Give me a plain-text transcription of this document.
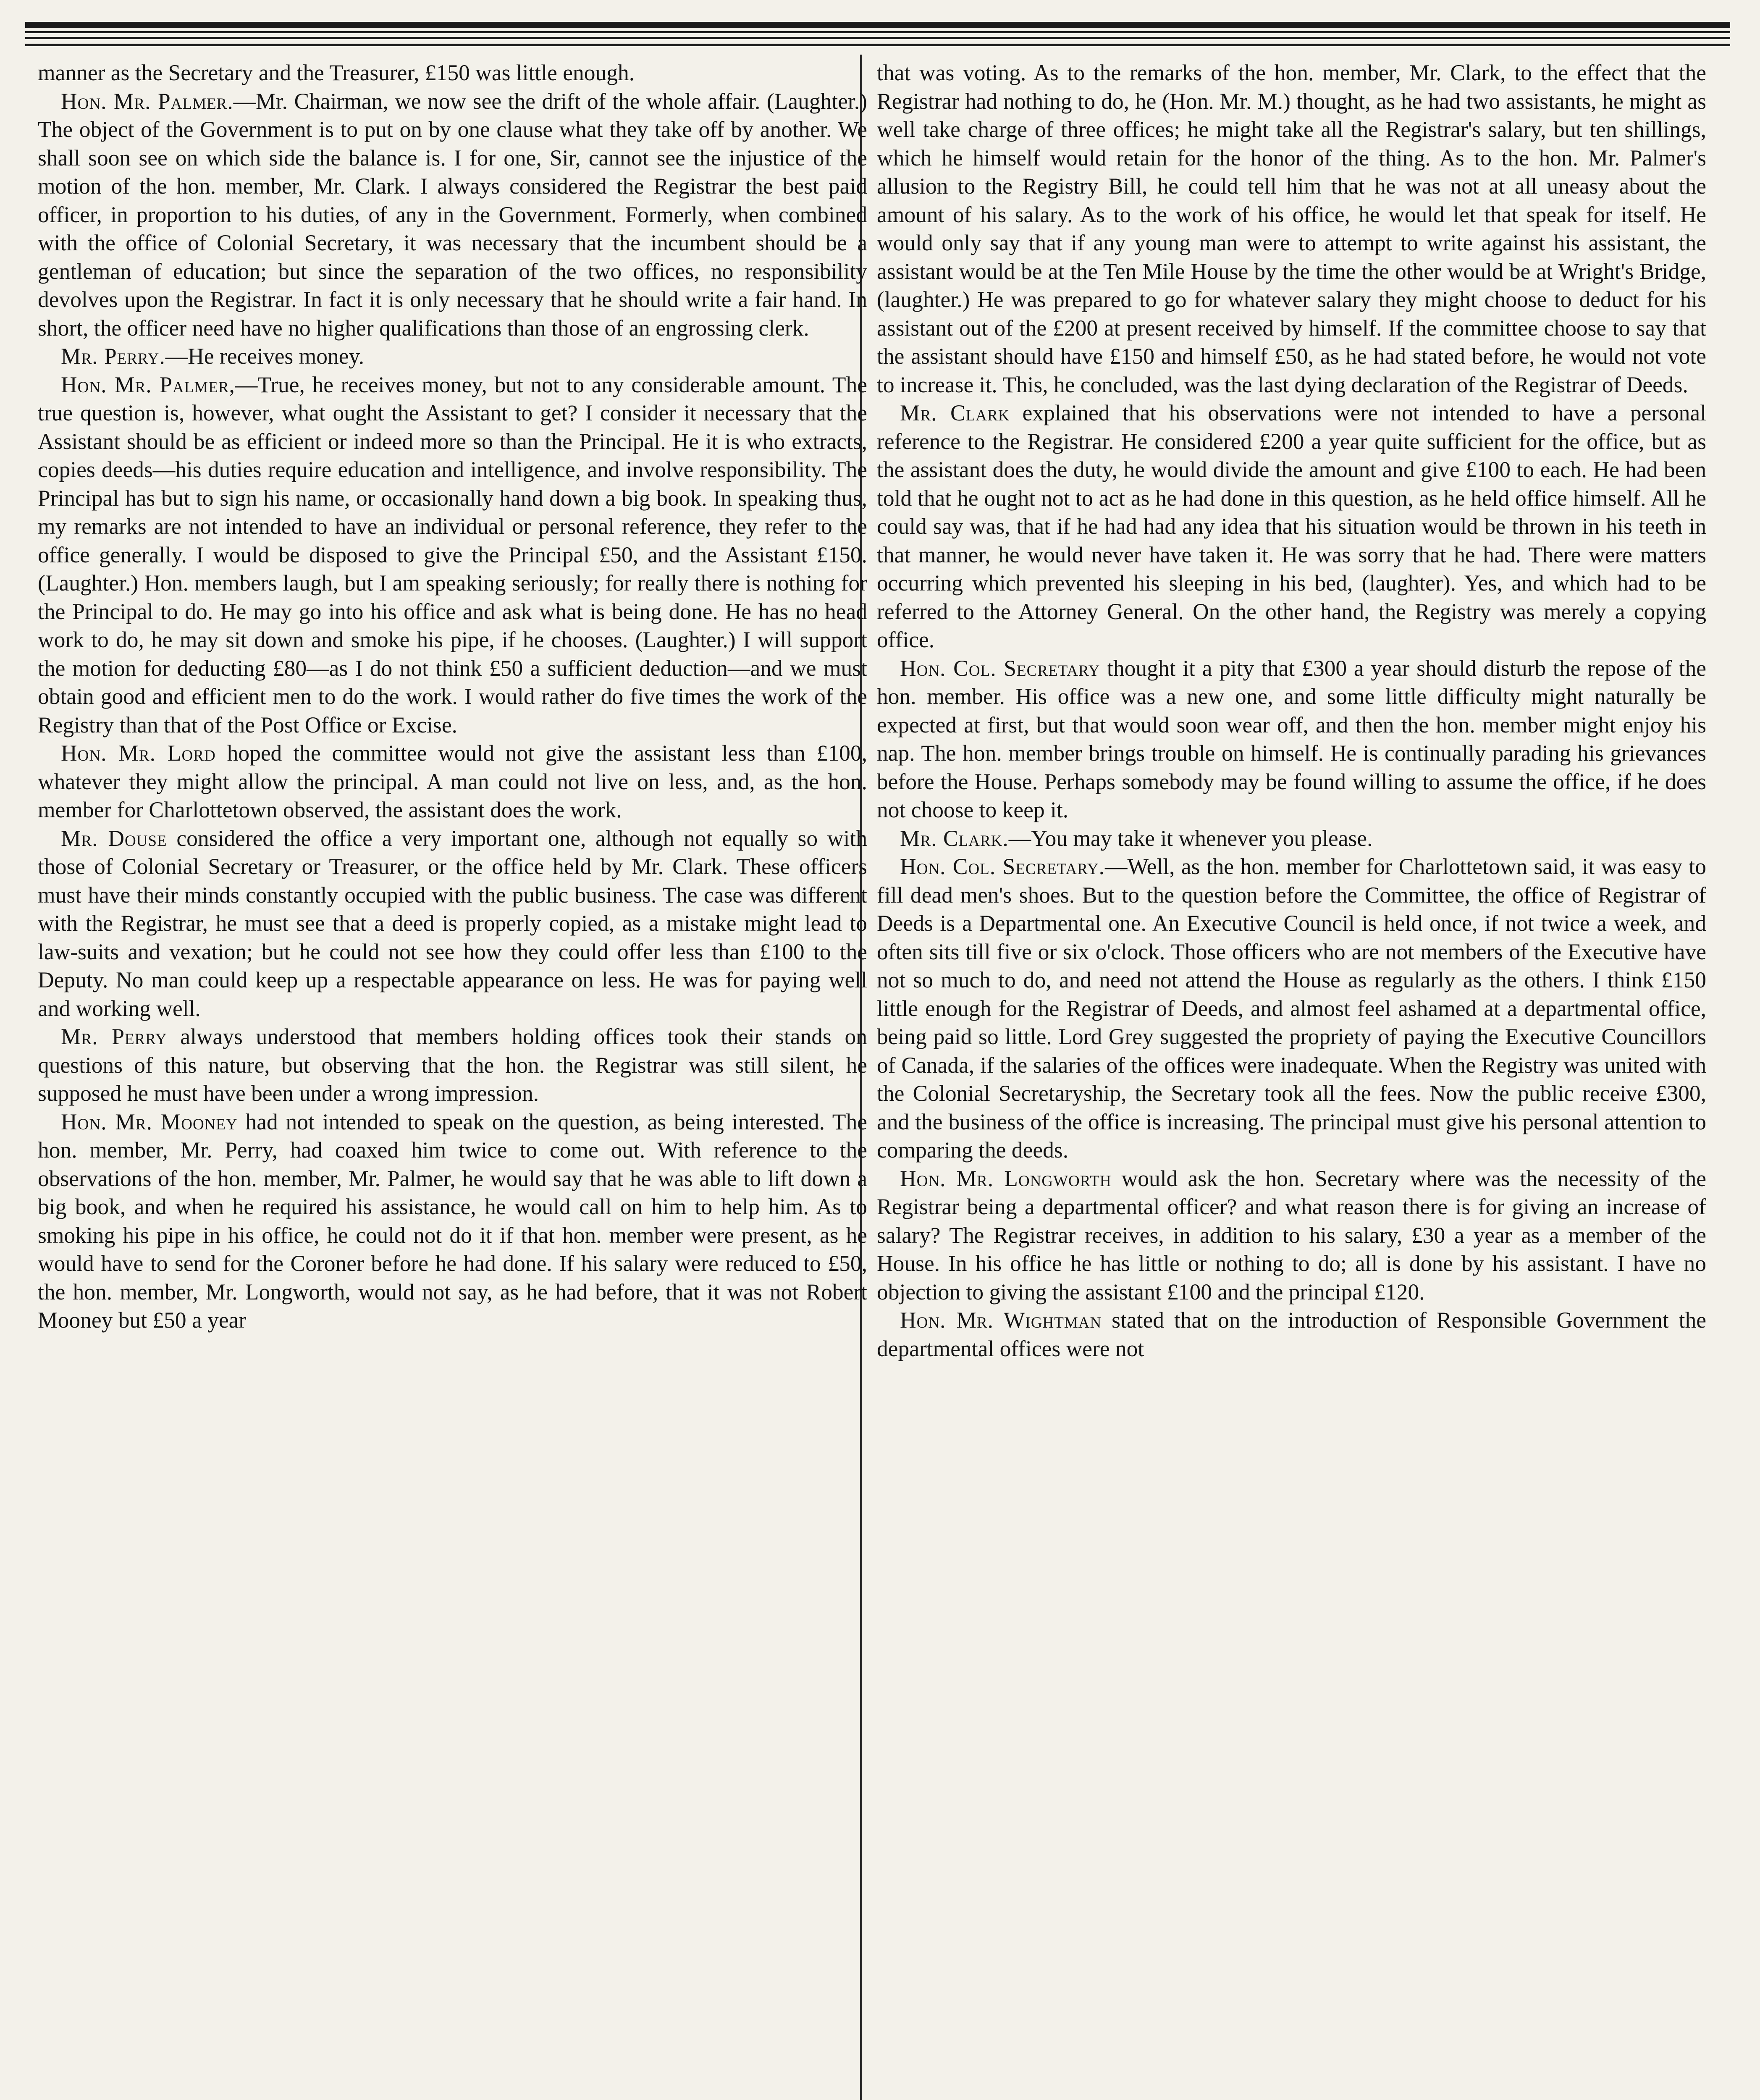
manner as the Secretary and the Treasurer, £150 was little enough.

Hon. Mr. Palmer.—Mr. Chairman, we now see the drift of the whole affair. (Laughter.) The object of the Government is to put on by one clause what they take off by another. We shall soon see on which side the balance is. I for one, Sir, cannot see the injustice of the motion of the hon. member, Mr. Clark. I always considered the Registrar the best paid officer, in proportion to his duties, of any in the Government. Formerly, when combined with the office of Colonial Secretary, it was necessary that the incumbent should be a gentleman of education; but since the separation of the two offices, no responsibility devolves upon the Registrar. In fact it is only necessary that he should write a fair hand. In short, the officer need have no higher qualifications than those of an engrossing clerk.

Mr. Perry.—He receives money.

Hon. Mr. Palmer,—True, he receives money, but not to any considerable amount. The true question is, however, what ought the Assistant to get? I consider it necessary that the Assistant should be as efficient or indeed more so than the Principal. He it is who extracts, copies deeds—his duties require education and intelligence, and involve responsibility. The Principal has but to sign his name, or occasionally hand down a big book. In speaking thus, my remarks are not intended to have an individual or personal reference, they refer to the office generally. I would be disposed to give the Principal £50, and the Assistant £150. (Laughter.) Hon. members laugh, but I am speaking seriously; for really there is nothing for the Principal to do. He may go into his office and ask what is being done. He has no head work to do, he may sit down and smoke his pipe, if he chooses. (Laughter.) I will support the motion for deducting £80—as I do not think £50 a sufficient deduction—and we must obtain good and efficient men to do the work. I would rather do five times the work of the Registry than that of the Post Office or Excise.

Hon. Mr. Lord hoped the committee would not give the assistant less than £100, whatever they might allow the principal. A man could not live on less, and, as the hon. member for Charlottetown observed, the assistant does the work.

Mr. Douse considered the office a very important one, although not equally so with those of Colonial Secretary or Treasurer, or the office held by Mr. Clark. These officers must have their minds constantly occupied with the public business. The case was different with the Registrar, he must see that a deed is properly copied, as a mistake might lead to law-suits and vexation; but he could not see how they could offer less than £100 to the Deputy. No man could keep up a respectable appearance on less. He was for paying well and working well.

Mr. Perry always understood that members holding offices took their stands on questions of this nature, but observing that the hon. the Registrar was still silent, he supposed he must have been under a wrong impression.

Hon. Mr. Mooney had not intended to speak on the question, as being interested. The hon. member, Mr. Perry, had coaxed him twice to come out. With reference to the observations of the hon. member, Mr. Palmer, he would say that he was able to lift down a big book, and when he required his assistance, he would call on him to help him. As to smoking his pipe in his office, he could not do it if that hon. member were present, as he would have to send for the Coroner before he had done. If his salary were reduced to £50, the hon. member, Mr. Longworth, would not say, as he had before, that it was not Robert Mooney but £50 a year

that was voting. As to the remarks of the hon. member, Mr. Clark, to the effect that the Registrar had nothing to do, he (Hon. Mr. M.) thought, as he had two assistants, he might as well take charge of three offices; he might take all the Registrar's salary, but ten shillings, which he himself would retain for the honor of the thing. As to the hon. Mr. Palmer's allusion to the Registry Bill, he could tell him that he was not at all uneasy about the amount of his salary. As to the work of his office, he would let that speak for itself. He would only say that if any young man were to attempt to write against his assistant, the assistant would be at the Ten Mile House by the time the other would be at Wright's Bridge, (laughter.) He was prepared to go for whatever salary they might choose to deduct for his assistant out of the £200 at present received by himself. If the committee choose to say that the assistant should have £150 and himself £50, as he had stated before, he would not vote to increase it. This, he concluded, was the last dying declaration of the Registrar of Deeds.

Mr. Clark explained that his observations were not intended to have a personal reference to the Registrar. He considered £200 a year quite sufficient for the office, but as the assistant does the duty, he would divide the amount and give £100 to each. He had been told that he ought not to act as he had done in this question, as he held office himself. All he could say was, that if he had had any idea that his situation would be thrown in his teeth in that manner, he would never have taken it. He was sorry that he had. There were matters occurring which prevented his sleeping in his bed, (laughter). Yes, and which had to be referred to the Attorney General. On the other hand, the Registry was merely a copying office.

Hon. Col. Secretary thought it a pity that £300 a year should disturb the repose of the hon. member. His office was a new one, and some little difficulty might naturally be expected at first, but that would soon wear off, and then the hon. member might enjoy his nap. The hon. member brings trouble on himself. He is continually parading his grievances before the House. Perhaps somebody may be found willing to assume the office, if he does not choose to keep it.

Mr. Clark.—You may take it whenever you please.

Hon. Col. Secretary.—Well, as the hon. member for Charlottetown said, it was easy to fill dead men's shoes. But to the question before the Committee, the office of Registrar of Deeds is a Departmental one. An Executive Council is held once, if not twice a week, and often sits till five or six o'clock. Those officers who are not members of the Executive have not so much to do, and need not attend the House as regularly as the others. I think £150 little enough for the Registrar of Deeds, and almost feel ashamed at a departmental office, being paid so little. Lord Grey suggested the propriety of paying the Executive Councillors of Canada, if the salaries of the offices were inadequate. When the Registry was united with the Colonial Secretaryship, the Secretary took all the fees. Now the public receive £300, and the business of the office is increasing. The principal must give his personal attention to comparing the deeds.

Hon. Mr. Longworth would ask the hon. Secretary where was the necessity of the Registrar being a departmental officer? and what reason there is for giving an increase of salary? The Registrar receives, in addition to his salary, £30 a year as a member of the House. In his office he has little or nothing to do; all is done by his assistant. I have no objection to giving the assistant £100 and the principal £120.

Hon. Mr. Wightman stated that on the introduction of Responsible Government the departmental offices were not
